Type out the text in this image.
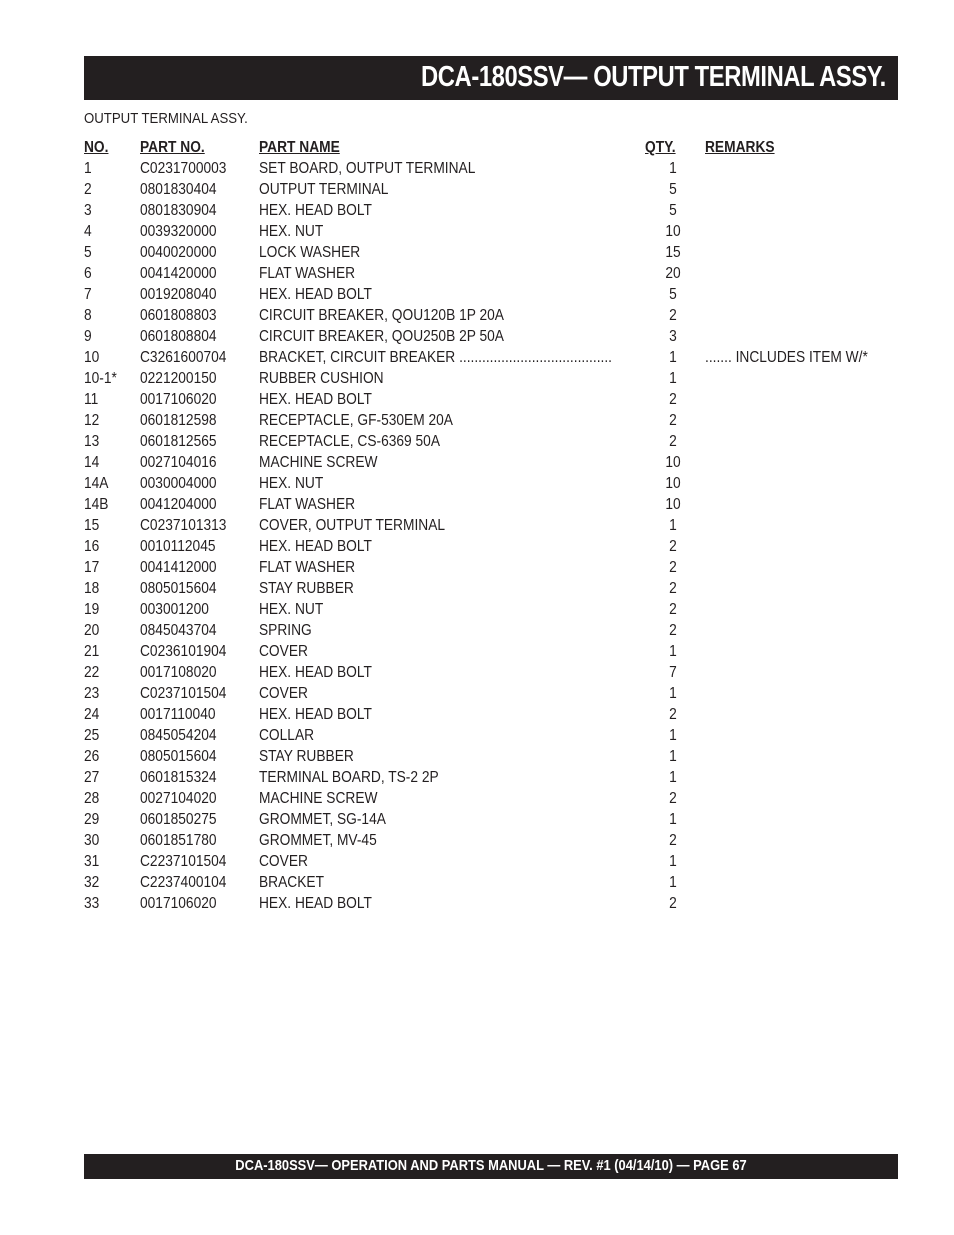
DCA-180SSV— OUTPUT TERMINAL ASSY.
OUTPUT TERMINAL ASSY.
NO. PART NO.	PART NAME	QTY. REMARKS
1	C0231700003 SET BOARD, OUTPUT TERMINAL	1
2	0801830404	OUTPUT TERMINAL	5
3	0801830904	HEX. HEAD BOLT	5
4	0039320000	HEX. NUT	10
5	0040020000	LOCK WASHER	15
6	0041420000	FLAT WASHER	20
7	0019208040	HEX. HEAD BOLT	5
8	0601808803	CIRCUIT BREAKER, QOU120B 1P 20A	2
9	0601808804	CIRCUIT BREAKER, QOU250B 2P 50A	3
10	C3261600704 BRACKET, CIRCUIT BREAKER ........................................	1	....... INCLUDES ITEM W/*
10-1* 0221200150	RUBBER CUSHION	1
11	0017106020	HEX. HEAD BOLT	2
12	0601812598	RECEPTACLE, GF-530EM 20A	2
13	0601812565	RECEPTACLE, CS-6369 50A	2
14	0027104016	MACHINE SCREW	10
14A 0030004000	HEX. NUT	10
14B 0041204000	FLAT WASHER	10
15	C0237101313 COVER, OUTPUT TERMINAL	1
16	0010112045	HEX. HEAD BOLT	2
17	0041412000	FLAT WASHER	2
18	0805015604	STAY RUBBER	2
19	003001200	HEX. NUT	2
20	0845043704	SPRING	2
21	C0236101904 COVER	1
22	0017108020	HEX. HEAD BOLT	7
23	C0237101504 COVER	1
24	0017110040	HEX. HEAD BOLT	2
25	0845054204	COLLAR	1
26	0805015604	STAY RUBBER	1
27	0601815324	TERMINAL BOARD, TS-2 2P	1
28	0027104020	MACHINE SCREW	2
29	0601850275	GROMMET, SG-14A	1
30	0601851780	GROMMET, MV-45	2
31	C2237101504 COVER	1
32	C2237400104 BRACKET	1
33	0017106020	HEX. HEAD BOLT	2
DCA-180SSV— OPERATION AND PARTS MANUAL — REV. #1 (04/14/10) — PAGE 67
